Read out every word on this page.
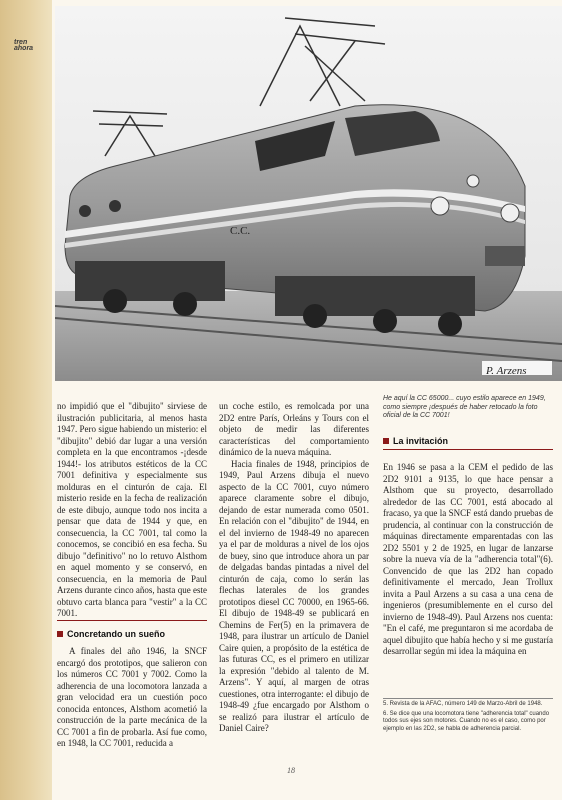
tren
ahora
C.C.
P. Arzens
He aquí la CC 65000... cuyo estilo aparece en 1949, como siempre ¡después de haber retocado la foto oficial de la CC 7001!

no impidió que el "dibujito" sirviese de ilustración publicitaria, al menos hasta 1947. Pero sigue habiendo un misterio: el "dibujito" debió dar lugar a una versión completa en la que encontramos -¡desde 1944!- los atributos estéticos de la CC 7001 definitiva y especialmente sus molduras en el cinturón de caja. El misterio reside en la fecha de realización de este dibujo, aunque todo nos incita a pensar que data de 1944 y que, en consecuencia, la CC 7001, tal como la conocemos, se concibió en esa fecha. Su dibujo "definitivo" no lo retuvo Alsthom en aquel momento y se conservó, en consecuencia, en la memoria de Paul Arzens durante cinco años, hasta que este obtuvo carta blanca para "vestir" a la CC 7001.

Concretando un sueño

A finales del año 1946, la SNCF encargó dos prototipos, que salieron con los números CC 7001 y 7002. Como la adherencia de una locomotora lanzada a gran velocidad era un cuestión poco conocida entonces, Alsthom acometió la construcción de la parte mecánica de la CC 7001 a fin de probarla. Así fue como, en 1948, la CC 7001, reducida a

un coche estilo, es remolcada por una 2D2 entre París, Orleáns y Tours con el objeto de medir las diferentes características del comportamiento dinámico de la nueva máquina.

Hacia finales de 1948, principios de 1949, Paul Arzens dibuja el nuevo aspecto de la CC 7001, cuyo número aparece claramente sobre el dibujo, dejando de estar numerada como 0501. En relación con el "dibujito" de 1944, en el del invierno de 1948-49 no aparecen ya el par de molduras a nivel de los ojos de buey, sino que introduce ahora un par de delgadas bandas pintadas a nivel del cinturón de caja, como lo serán las flechas laterales de los grandes prototipos diesel CC 70000, en 1965-66. El dibujo de 1948-49 se publicará en Chemins de Fer(5) en la primavera de 1948, para ilustrar un artículo de Daniel Caire quien, a propósito de la estética de las futuras CC, es el primero en utilizar la expresión "debido al talento de M. Arzens". Y aquí, al margen de otras cuestiones, otra interrogante: el dibujo de 1948-49 ¿fue encargado por Alsthom o se realizó para ilustrar el artículo de Daniel Caire?

La invitación

En 1946 se pasa a la CEM el pedido de las 2D2 9101 a 9135, lo que hace pensar a Alsthom que su proyecto, desarrollado alrededor de las CC 7001, está abocado al fracaso, ya que la SNCF está dando pruebas de prudencia, al continuar con la construcción de máquinas directamente emparentadas con las 2D2 5501 y 2 de 1925, en lugar de lanzarse sobre la nueva vía de la "adherencia total"(6). Convencido de que las 2D2 han copado definitivamente el mercado, Jean Trollux invita a Paul Arzens a su casa a una cena de ingenieros (presumiblemente en el curso del invierno de 1948-49). Paul Arzens nos cuenta: "En el café, me preguntaron si me acordaba de aquel dibujito que había hecho y si me gustaría desarrollar según mi idea la máquina en

5. Revista de la AFAC, número 149 de Marzo-Abril de 1948.

6. Se dice que una locomotora tiene "adherencia total" cuando todos sus ejes son motores. Cuando no es el caso, como por ejemplo en las 2D2, se habla de adherencia parcial.

18
